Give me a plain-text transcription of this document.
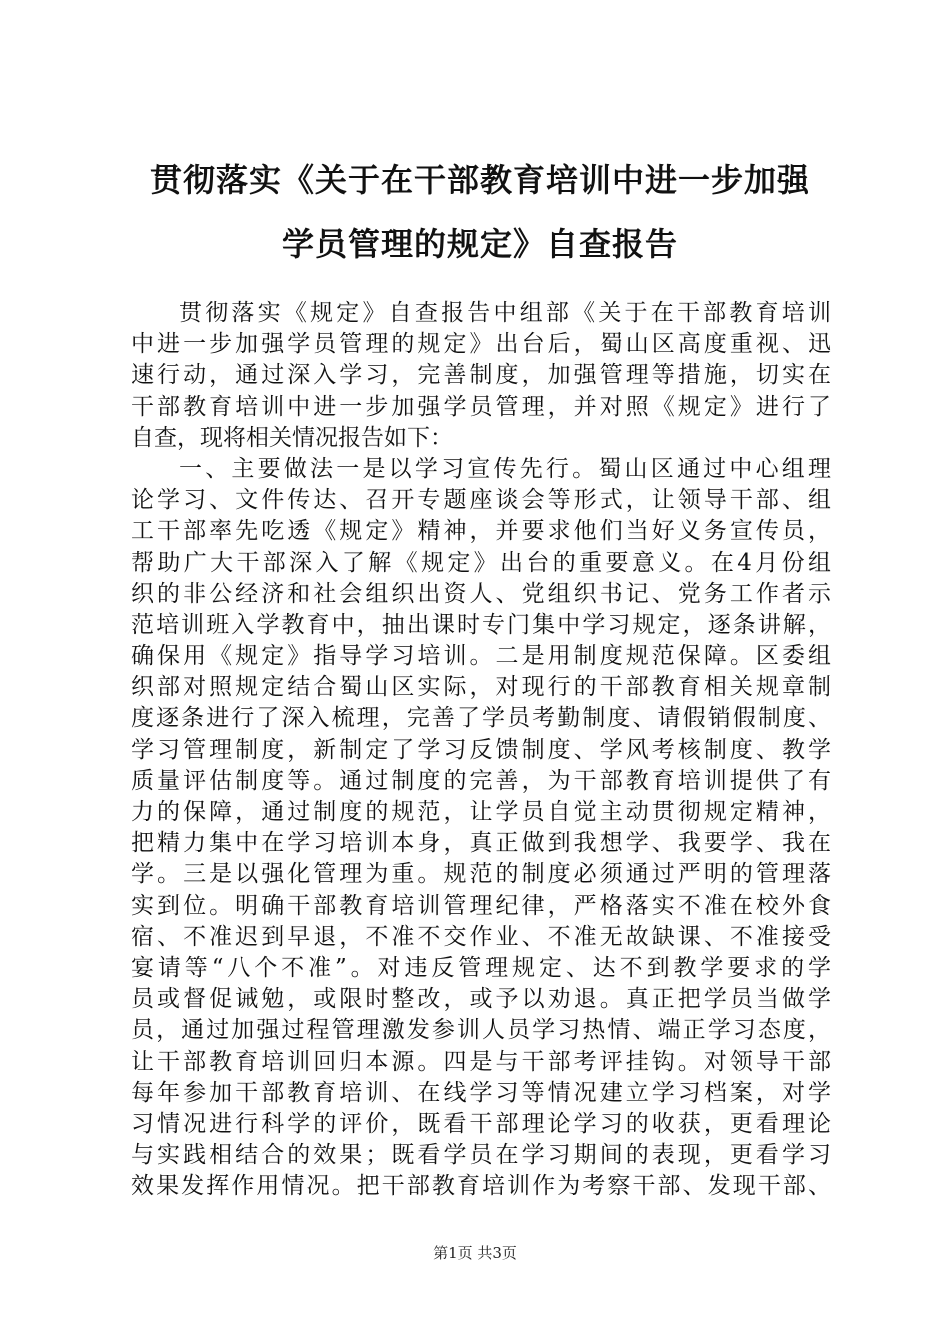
贯彻落实《关于在干部教育培训中进一步加强
学员管理的规定》自查报告
贯彻落实《规定》自查报告中组部《关于在干部教育培训
中进一步加强学员管理的规定》出台后，蜀山区高度重视、迅
速行动，通过深入学习，完善制度，加强管理等措施，切实在
干部教育培训中进一步加强学员管理，并对照《规定》进行了
自查，现将相关情况报告如下：
一、主要做法一是以学习宣传先行。蜀山区通过中心组理
论学习、文件传达、召开专题座谈会等形式，让领导干部、组
工干部率先吃透《规定》精神，并要求他们当好义务宣传员，
帮助广大干部深入了解《规定》出台的重要意义。在4月份组
织的非公经济和社会组织出资人、党组织书记、党务工作者示
范培训班入学教育中，抽出课时专门集中学习规定，逐条讲解，
确保用《规定》指导学习培训。二是用制度规范保障。区委组
织部对照规定结合蜀山区实际，对现行的干部教育相关规章制
度逐条进行了深入梳理，完善了学员考勤制度、请假销假制度、
学习管理制度，新制定了学习反馈制度、学风考核制度、教学
质量评估制度等。通过制度的完善，为干部教育培训提供了有
力的保障，通过制度的规范，让学员自觉主动贯彻规定精神，
把精力集中在学习培训本身，真正做到我想学、我要学、我在
学。三是以强化管理为重。规范的制度必须通过严明的管理落
实到位。明确干部教育培训管理纪律，严格落实不准在校外食
宿、不准迟到早退，不准不交作业、不准无故缺课、不准接受
宴请等“八个不准”。对违反管理规定、达不到教学要求的学
员或督促诫勉，或限时整改，或予以劝退。真正把学员当做学
员，通过加强过程管理激发参训人员学习热情、端正学习态度，
让干部教育培训回归本源。四是与干部考评挂钩。对领导干部
每年参加干部教育培训、在线学习等情况建立学习档案，对学
习情况进行科学的评价，既看干部理论学习的收获，更看理论
与实践相结合的效果；既看学员在学习期间的表现，更看学习
效果发挥作用情况。把干部教育培训作为考察干部、发现干部、
第1页 共3页
